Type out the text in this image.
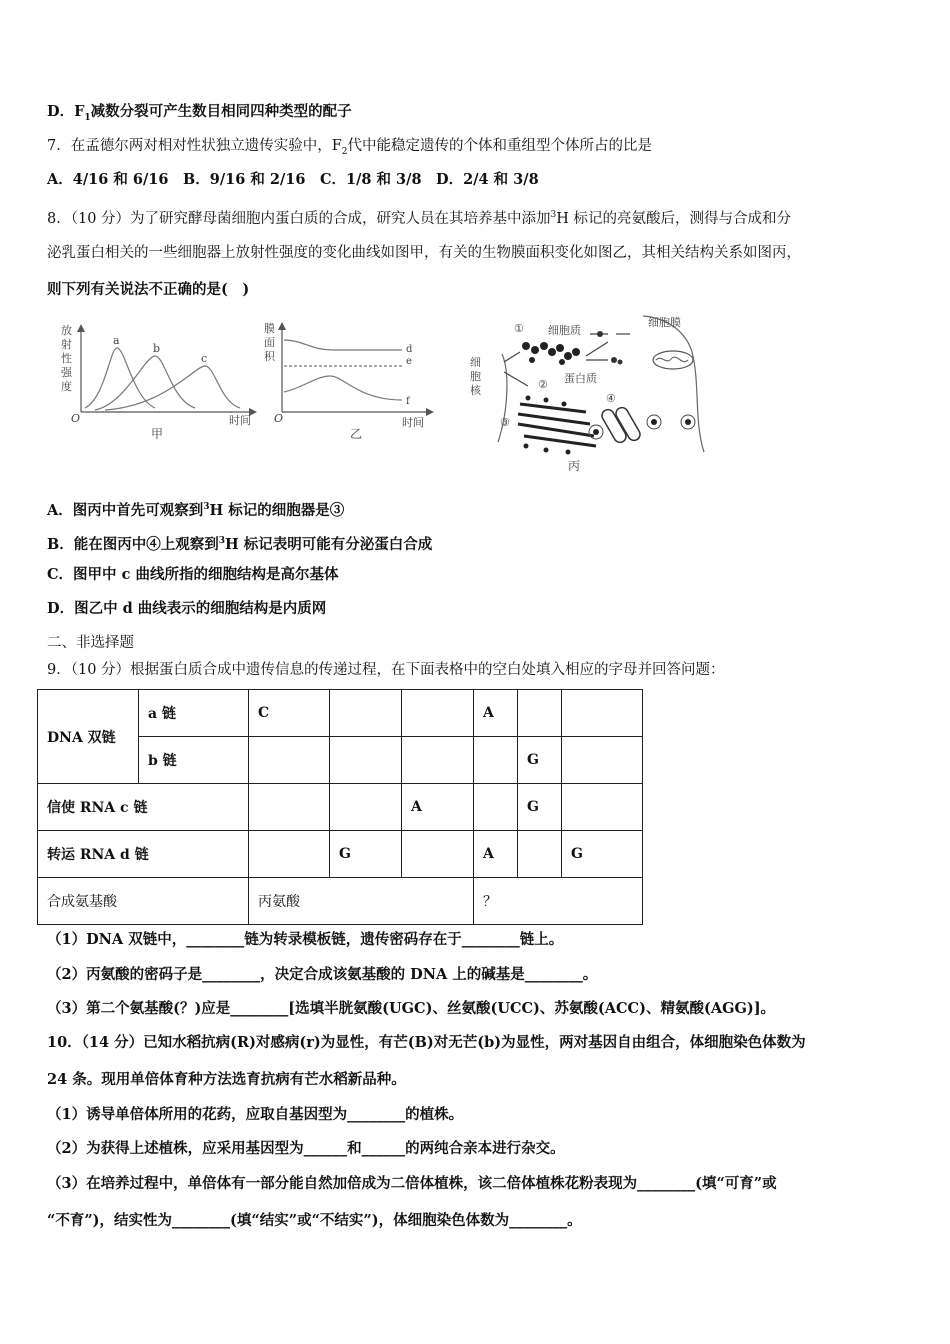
D．$F_1$减数分裂可产生数目相同四种类型的配子
7．在孟德尔两对相对性状独立遗传实验中，$F_2$代中能稳定遗传的个体和重组型个体所占的比是
A．4/16 和 6/16　B．9/16 和 2/16　C．1/8 和 3/8　D．2/4 和 3/8
8．（10 分）为了研究酵母菌细胞内蛋白质的合成，研究人员在其培养基中添加$^3$H 标记的亮氨酸后，测得与合成和分
泌乳蛋白相关的一些细胞器上放射性强度的变化曲线如图甲，有关的生物膜面积变化如图乙，其相关结构关系如图丙，
则下列有关说法不正确的是(　)
放
射
性
强
度
a
b
c
O	时间
甲
膜
面
积
d
e
f
O	时间
乙
① 细胞质
细胞膜
细
胞
核	② 蛋白质
③
④
丙
A．图丙中首先可观察到$^3$H 标记的细胞器是③
B．能在图丙中④上观察到$^3$H 标记表明可能有分泌蛋白合成
C．图甲中 c 曲线所指的细胞结构是高尔基体
D．图乙中 d 曲线表示的细胞结构是内质网
二、非选择题
9．（10 分）根据蛋白质合成中遗传信息的传递过程，在下面表格中的空白处填入相应的字母并回答问题：
DNA 双链	a 链	C			A		
	b 链					G	
信使 RNA c 链				A		G	
转运 RNA d 链			G		A		G
合成氨基酸		丙氨酸			？		
（1）DNA 双链中，________链为转录模板链，遗传密码存在于________链上。
（2）丙氨酸的密码子是________，决定合成该氨基酸的 DNA 上的碱基是________。
（3）第二个氨基酸(？)应是________[选填半胱氨酸(UGC)、丝氨酸(UCC)、苏氨酸(ACC)、精氨酸(AGG)]。
10．（14 分）已知水稻抗病(R)对感病(r)为显性，有芒(B)对无芒(b)为显性，两对基因自由组合，体细胞染色体数为
24 条。现用单倍体育种方法选育抗病有芒水稻新品种。
（1）诱导单倍体所用的花药，应取自基因型为________的植株。
（2）为获得上述植株，应采用基因型为______和______的两纯合亲本进行杂交。
（3）在培养过程中，单倍体有一部分能自然加倍成为二倍体植株，该二倍体植株花粉表现为________(填“可育”或
“不育”)，结实性为________(填“结实”或“不结实”)，体细胞染色体数为________。
